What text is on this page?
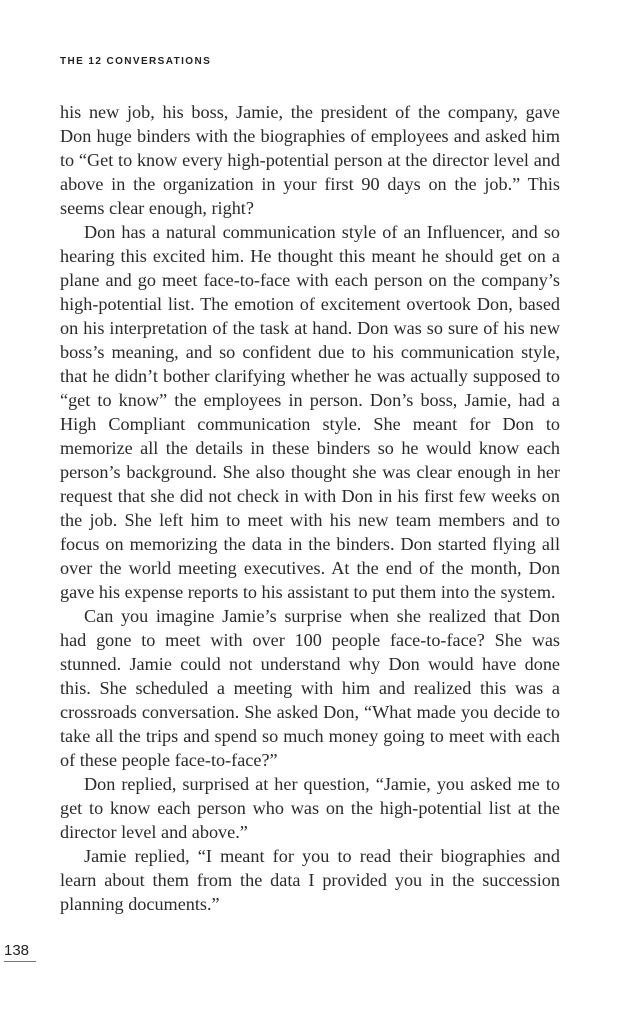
THE 12 CONVERSATIONS

his new job, his boss, Jamie, the president of the company, gave Don huge binders with the biographies of employees and asked him to “Get to know every high-potential person at the director level and above in the organization in your first 90 days on the job.” This seems clear enough, right?

Don has a natural communication style of an Influencer, and so hearing this excited him. He thought this meant he should get on a plane and go meet face-to-face with each person on the company’s high-potential list. The emotion of excitement overtook Don, based on his interpretation of the task at hand. Don was so sure of his new boss’s meaning, and so confident due to his communication style, that he didn’t bother clarifying whether he was actually supposed to “get to know” the employees in person. Don’s boss, Jamie, had a High Compliant communication style. She meant for Don to memorize all the details in these binders so he would know each person’s background. She also thought she was clear enough in her request that she did not check in with Don in his first few weeks on the job. She left him to meet with his new team members and to focus on memorizing the data in the binders. Don started flying all over the world meeting executives. At the end of the month, Don gave his expense reports to his assistant to put them into the system.

Can you imagine Jamie’s surprise when she realized that Don had gone to meet with over 100 people face-to-face? She was stunned. Jamie could not understand why Don would have done this. She scheduled a meeting with him and realized this was a crossroads conversation. She asked Don, “What made you decide to take all the trips and spend so much money going to meet with each of these people face-to-face?”

Don replied, surprised at her question, “Jamie, you asked me to get to know each person who was on the high-potential list at the director level and above.”

Jamie replied, “I meant for you to read their biographies and learn about them from the data I provided you in the succession planning documents.”

138
